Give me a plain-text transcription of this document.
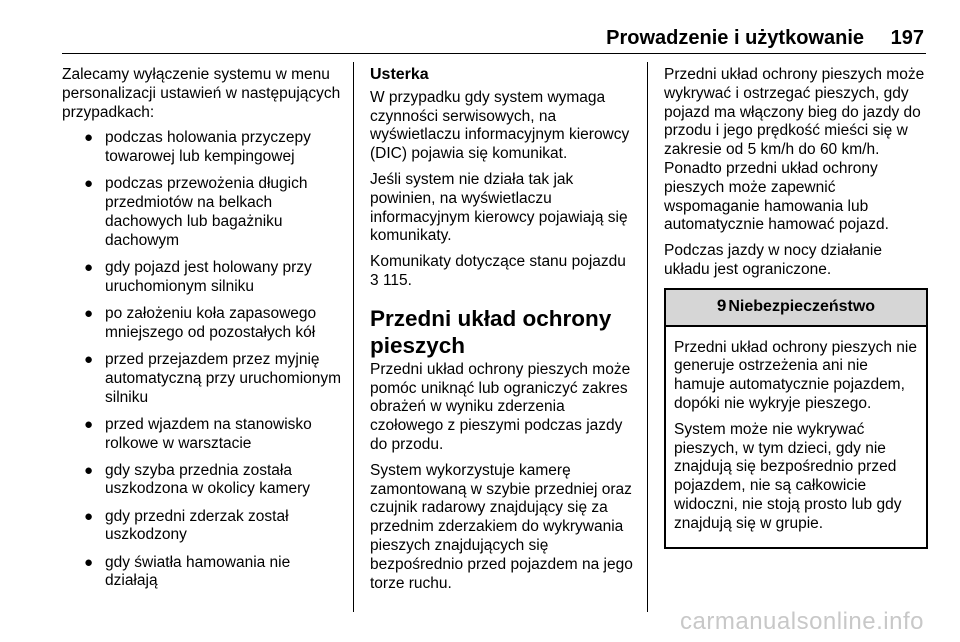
Prowadzenie i użytkowanie 197

Zalecamy wyłączenie systemu w menu personalizacji ustawień w następujących przypadkach:

● podczas holowania przyczepy towarowej lub kempingowej
● podczas przewożenia długich przedmiotów na belkach dachowych lub bagażniku dachowym
● gdy pojazd jest holowany przy uruchomionym silniku
● po założeniu koła zapasowego mniejszego od pozostałych kół
● przed przejazdem przez myjnię automatyczną przy uruchomionym silniku
● przed wjazdem na stanowisko rolkowe w warsztacie
● gdy szyba przednia została uszkodzona w okolicy kamery
● gdy przedni zderzak został uszkodzony
● gdy światła hamowania nie działają
Usterka

W przypadku gdy system wymaga czynności serwisowych, na wyświetlaczu informacyjnym kierowcy (DIC) pojawia się komunikat.

Jeśli system nie działa tak jak powinien, na wyświetlaczu informacyjnym kierowcy pojawiają się komunikaty.

Komunikaty dotyczące stanu pojazdu 3 115.

Przedni układ ochrony pieszych

Przedni układ ochrony pieszych może pomóc uniknąć lub ograniczyć zakres obrażeń w wyniku zderzenia czołowego z pieszymi podczas jazdy do przodu.

System wykorzystuje kamerę zamontowaną w szybie przedniej oraz czujnik radarowy znajdujący się za przednim zderzakiem do wykrywania pieszych znajdujących się bezpośrednio przed pojazdem na jego torze ruchu.

Przedni układ ochrony pieszych może wykrywać i ostrzegać pieszych, gdy pojazd ma włączony bieg do jazdy do przodu i jego prędkość mieści się w zakresie od 5 km/h do 60 km/h. Ponadto przedni układ ochrony pieszych może zapewnić wspomaganie hamowania lub automatycznie hamować pojazd.

Podczas jazdy w nocy działanie układu jest ograniczone.

9 Niebezpieczeństwo

Przedni układ ochrony pieszych nie generuje ostrzeżenia ani nie hamuje automatycznie pojazdem, dopóki nie wykryje pieszego.

System może nie wykrywać pieszych, w tym dzieci, gdy nie znajdują się bezpośrednio przed pojazdem, nie są całkowicie widoczni, nie stoją prosto lub gdy znajdują się w grupie.

carmanualsonline.info
